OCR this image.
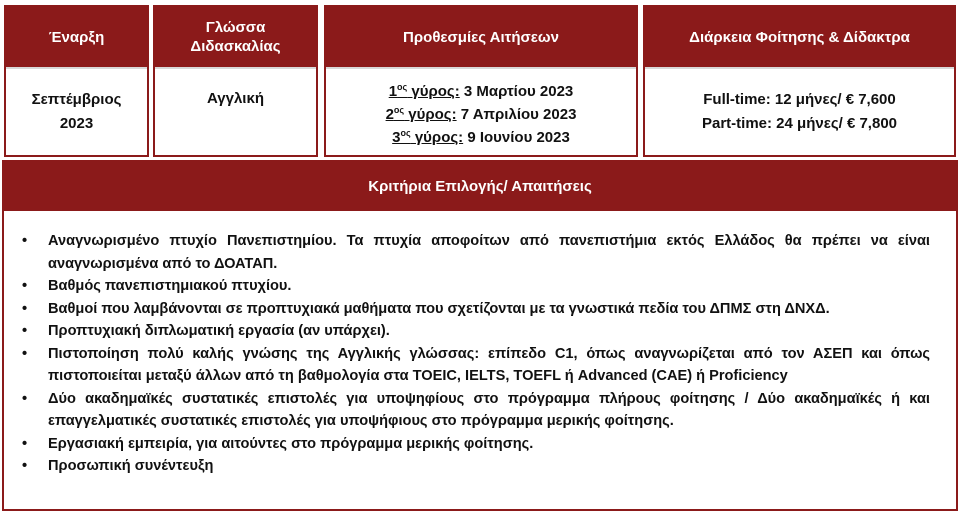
Έναρξη
Σεπτέμβριος 2023
Γλώσσα Διδασκαλίας
Αγγλική
Προθεσμίες Αιτήσεων
$1^{o\varsigma}$ γύρος: 3 Μαρτίου 2023
$2^{o\varsigma}$ γύρος: 7 Απριλίου 2023
$3^{o\varsigma}$ γύρος: 9 Ιουνίου 2023
Διάρκεια Φοίτησης & Δίδακτρα
Full-time: 12 μήνες/ € 7,600
Part-time: 24 μήνες/ € 7,800
Κριτήρια Επιλογής/ Απαιτήσεις
• Αναγνωρισμένο πτυχίο Πανεπιστημίου. Τα πτυχία αποφοίτων από πανεπιστήμια εκτός Ελλάδος θα πρέπει να είναι αναγνωρισμένα από το ΔΟΑΤΑΠ.
• Βαθμός πανεπιστημιακού πτυχίου.
• Βαθμοί που λαμβάνονται σε προπτυχιακά μαθήματα που σχετίζονται με τα γνωστικά πεδία του ΔΠΜΣ στη ΔΝΧΔ.
• Προπτυχιακή διπλωματική εργασία (αν υπάρχει).
• Πιστοποίηση πολύ καλής γνώσης της Αγγλικής γλώσσας: επίπεδο C1, όπως αναγνωρίζεται από τον ΑΣΕΠ και όπως πιστοποιείται μεταξύ άλλων από τη βαθμολογία στα TOEIC, IELTS, TOEFL ή Advanced (CAE) ή Proficiency
• Δύο ακαδημαϊκές συστατικές επιστολές για υποψηφίους στο πρόγραμμα πλήρους φοίτησης / Δύο ακαδημαϊκές ή και επαγγελματικές συστατικές επιστολές για υποψήφιους στο πρόγραμμα μερικής φοίτησης.
• Εργασιακή εμπειρία, για αιτούντες στο πρόγραμμα μερικής φοίτησης.
• Προσωπική συνέντευξη
